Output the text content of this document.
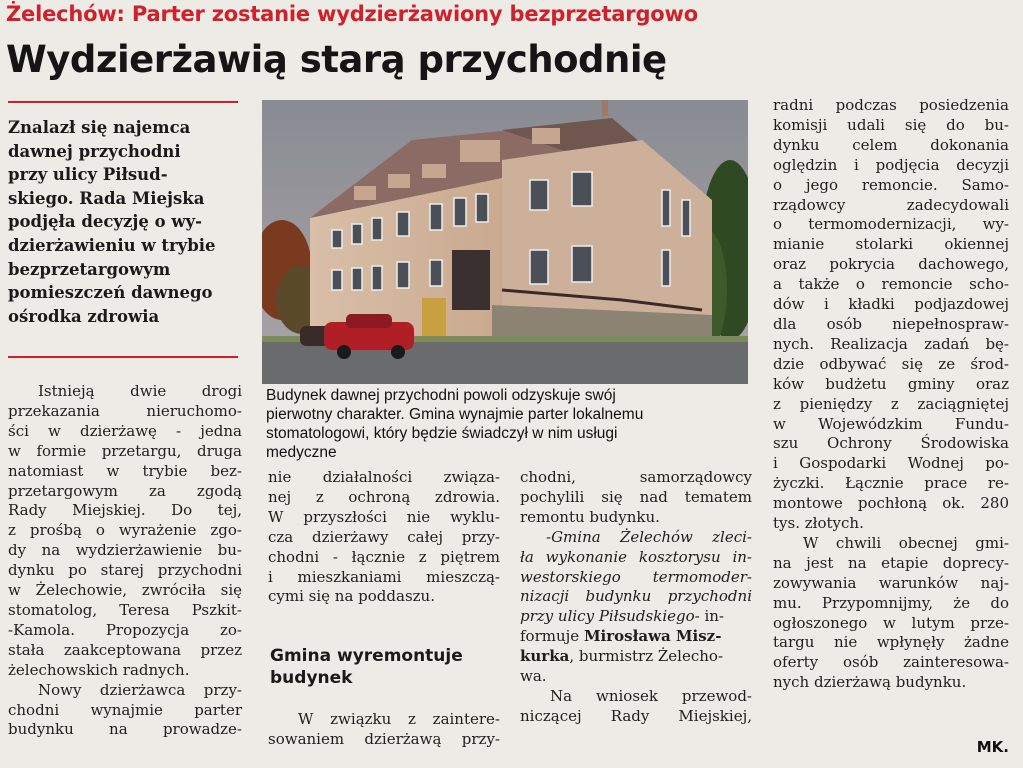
Żelechów: Parter zostanie wydzierżawiony bezprzetargowo
Wydzierżawią starą przychodnię
Znalazł się najemca
dawnej przychodni
przy ulicy Piłsud-
skiego. Rada Miejska
podjęła decyzję o wy-
dzierżawieniu w trybie
bezprzetargowym
pomieszczeń dawnego
ośrodka zdrowia
Budynek dawnej przychodni powoli odzyskuje swój
pierwotny charakter. Gmina wynajmie parter lokalnemu
stomatologowi, który będzie świadczył w nim usługi
medyczne
Istnieją dwie drogi
przekazania nieruchomo-
ści w dzierżawę - jedna
w formie przetargu, druga
natomiast w trybie bez-
przetargowym za zgodą
Rady Miejskiej. Do tej,
z prośbą o wyrażenie zgo-
dy na wydzierżawienie bu-
dynku po starej przychodni
w Żelechowie, zwróciła się
stomatolog, Teresa Pszkit-
-Kamola. Propozycja zo-
stała zaakceptowana przez
żelechowskich radnych.
Nowy dzierżawca przy-
chodni wynajmie parter
budynku na prowadze-
nie działalności związa-
nej z ochroną zdrowia.
W przyszłości nie wyklu-
cza dzierżawy całej przy-
chodni - łącznie z piętrem
i mieszkaniami mieszczą-
cymi się na poddaszu.
Gmina wyremontuje
budynek
W związku z zaintere-
sowaniem dzierżawą przy-
chodni, samorządowcy
pochylili się nad tematem
remontu budynku.
-Gmina Żelechów zleci-
ła wykonanie kosztorysu in-
westorskiego termomoder-
nizacji budynku przychodni
przy ulicy Piłsudskiego- in-
formuje Mirosława Misz-
kurka, burmistrz Żelecho-
wa.
Na wniosek przewod-
niczącej Rady Miejskiej,
radni podczas posiedzenia
komisji udali się do bu-
dynku celem dokonania
oględzin i podjęcia decyzji
o jego remoncie. Samo-
rządowcy zadecydowali
o termomodernizacji, wy-
mianie stolarki okiennej
oraz pokrycia dachowego,
a także o remoncie scho-
dów i kładki podjazdowej
dla osób niepełnospraw-
nych. Realizacja zadań bę-
dzie odbywać się ze środ-
ków budżetu gminy oraz
z pieniędzy z zaciągniętej
w Wojewódzkim Fundu-
szu Ochrony Środowiska
i Gospodarki Wodnej po-
życzki. Łącznie prace re-
montowe pochłoną ok. 280
tys. złotych.
W chwili obecnej gmi-
na jest na etapie doprecy-
zowywania warunków naj-
mu. Przypomnijmy, że do
ogłoszonego w lutym prze-
targu nie wpłynęły żadne
oferty osób zainteresowa-
nych dzierżawą budynku.
MK.
